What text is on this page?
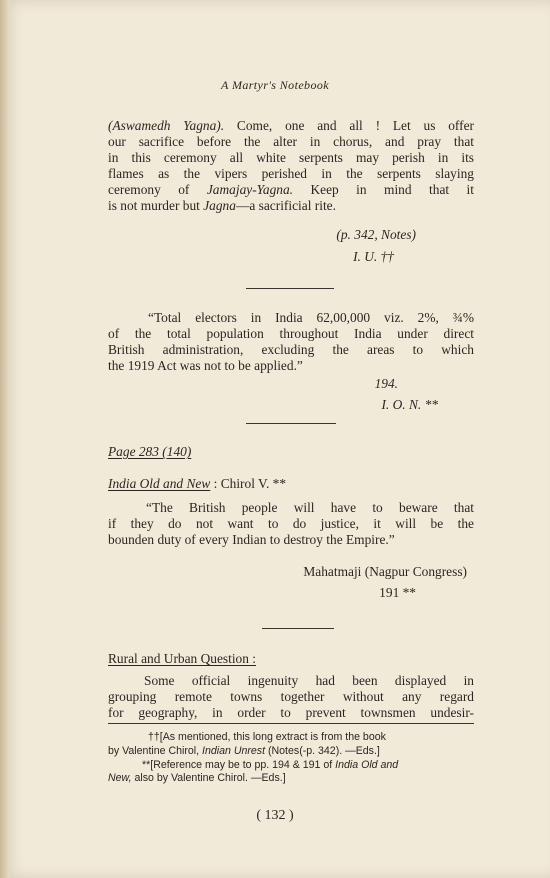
A Martyr's Notebook
(Aswamedh Yagna). Come, one and all ! Let us offer
our sacrifice before the alter in chorus, and pray that
in this ceremony all white serpents may perish in its
flames as the vipers perished in the serpents slaying
ceremony of Jamajay-Yagna. Keep in mind that it
is not murder but Jagna—a sacrificial rite.
(p. 342, Notes)
I. U. ††
“Total electors in India 62,00,000 viz. 2%, ¾%
of the total population throughout India under direct
British administration, excluding the areas to which
the 1919 Act was not to be applied.”
194.
I. O. N. **
Page 283 (140)
India Old and New : Chirol V. **
“The British people will have to beware that
if they do not want to do justice, it will be the
bounden duty of every Indian to destroy the Empire.”
Mahatmaji (Nagpur Congress)
191 **
Rural and Urban Question :
Some official ingenuity had been displayed in
grouping remote towns together without any regard
for geography, in order to prevent townsmen undesir-
††[As mentioned, this long extract is from the book
by Valentine Chirol, Indian Unrest (Notes(-p. 342). —Eds.]
**[Reference may be to pp. 194 & 191 of India Old and
New, also by Valentine Chirol. —Eds.]
( 132 )
